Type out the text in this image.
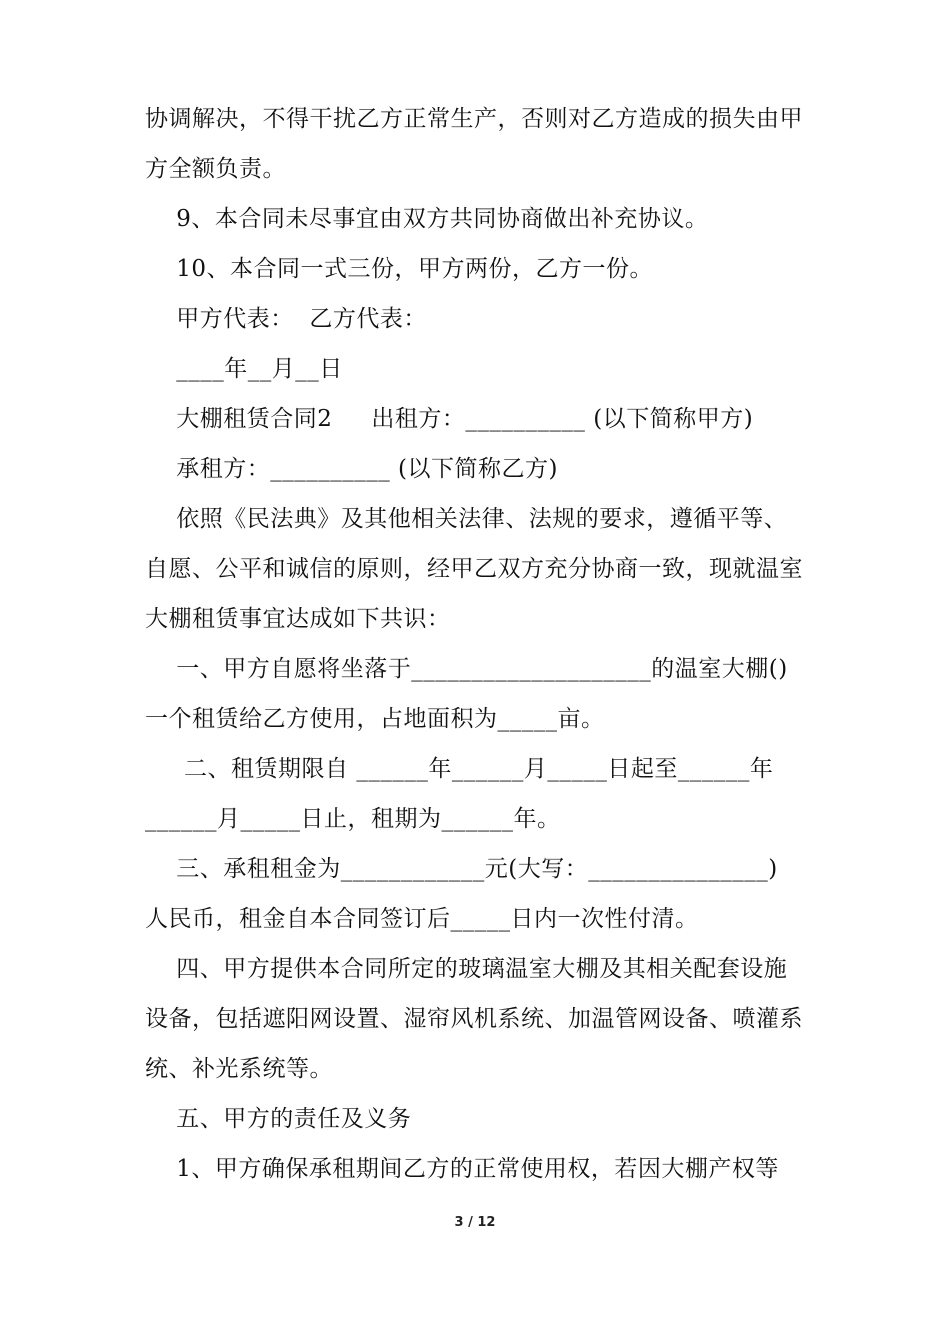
协调解决，不得干扰乙方正常生产，否则对乙方造成的损失由甲
方全额负责。
9、本合同未尽事宜由双方共同协商做出补充协议。
10、本合同一式三份，甲方两份，乙方一份。
甲方代表：  乙方代表：
____年__月__日
大棚租赁合同2     出租方：__________ (以下简称甲方)
承租方：__________ (以下简称乙方)
依照《民法典》及其他相关法律、法规的要求，遵循平等、
自愿、公平和诚信的原则，经甲乙双方充分协商一致，现就温室
大棚租赁事宜达成如下共识：
一、甲方自愿将坐落于____________________的温室大棚()
一个租赁给乙方使用，占地面积为_____亩。
二、租赁期限自 ______年______月_____日起至______年
______月_____日止，租期为______年。
三、承租租金为____________元(大写：_______________)
人民币，租金自本合同签订后_____日内一次性付清。
四、甲方提供本合同所定的玻璃温室大棚及其相关配套设施
设备，包括遮阳网设置、湿帘风机系统、加温管网设备、喷灌系
统、补光系统等。
五、甲方的责任及义务
1、甲方确保承租期间乙方的正常使用权，若因大棚产权等
3 / 12
